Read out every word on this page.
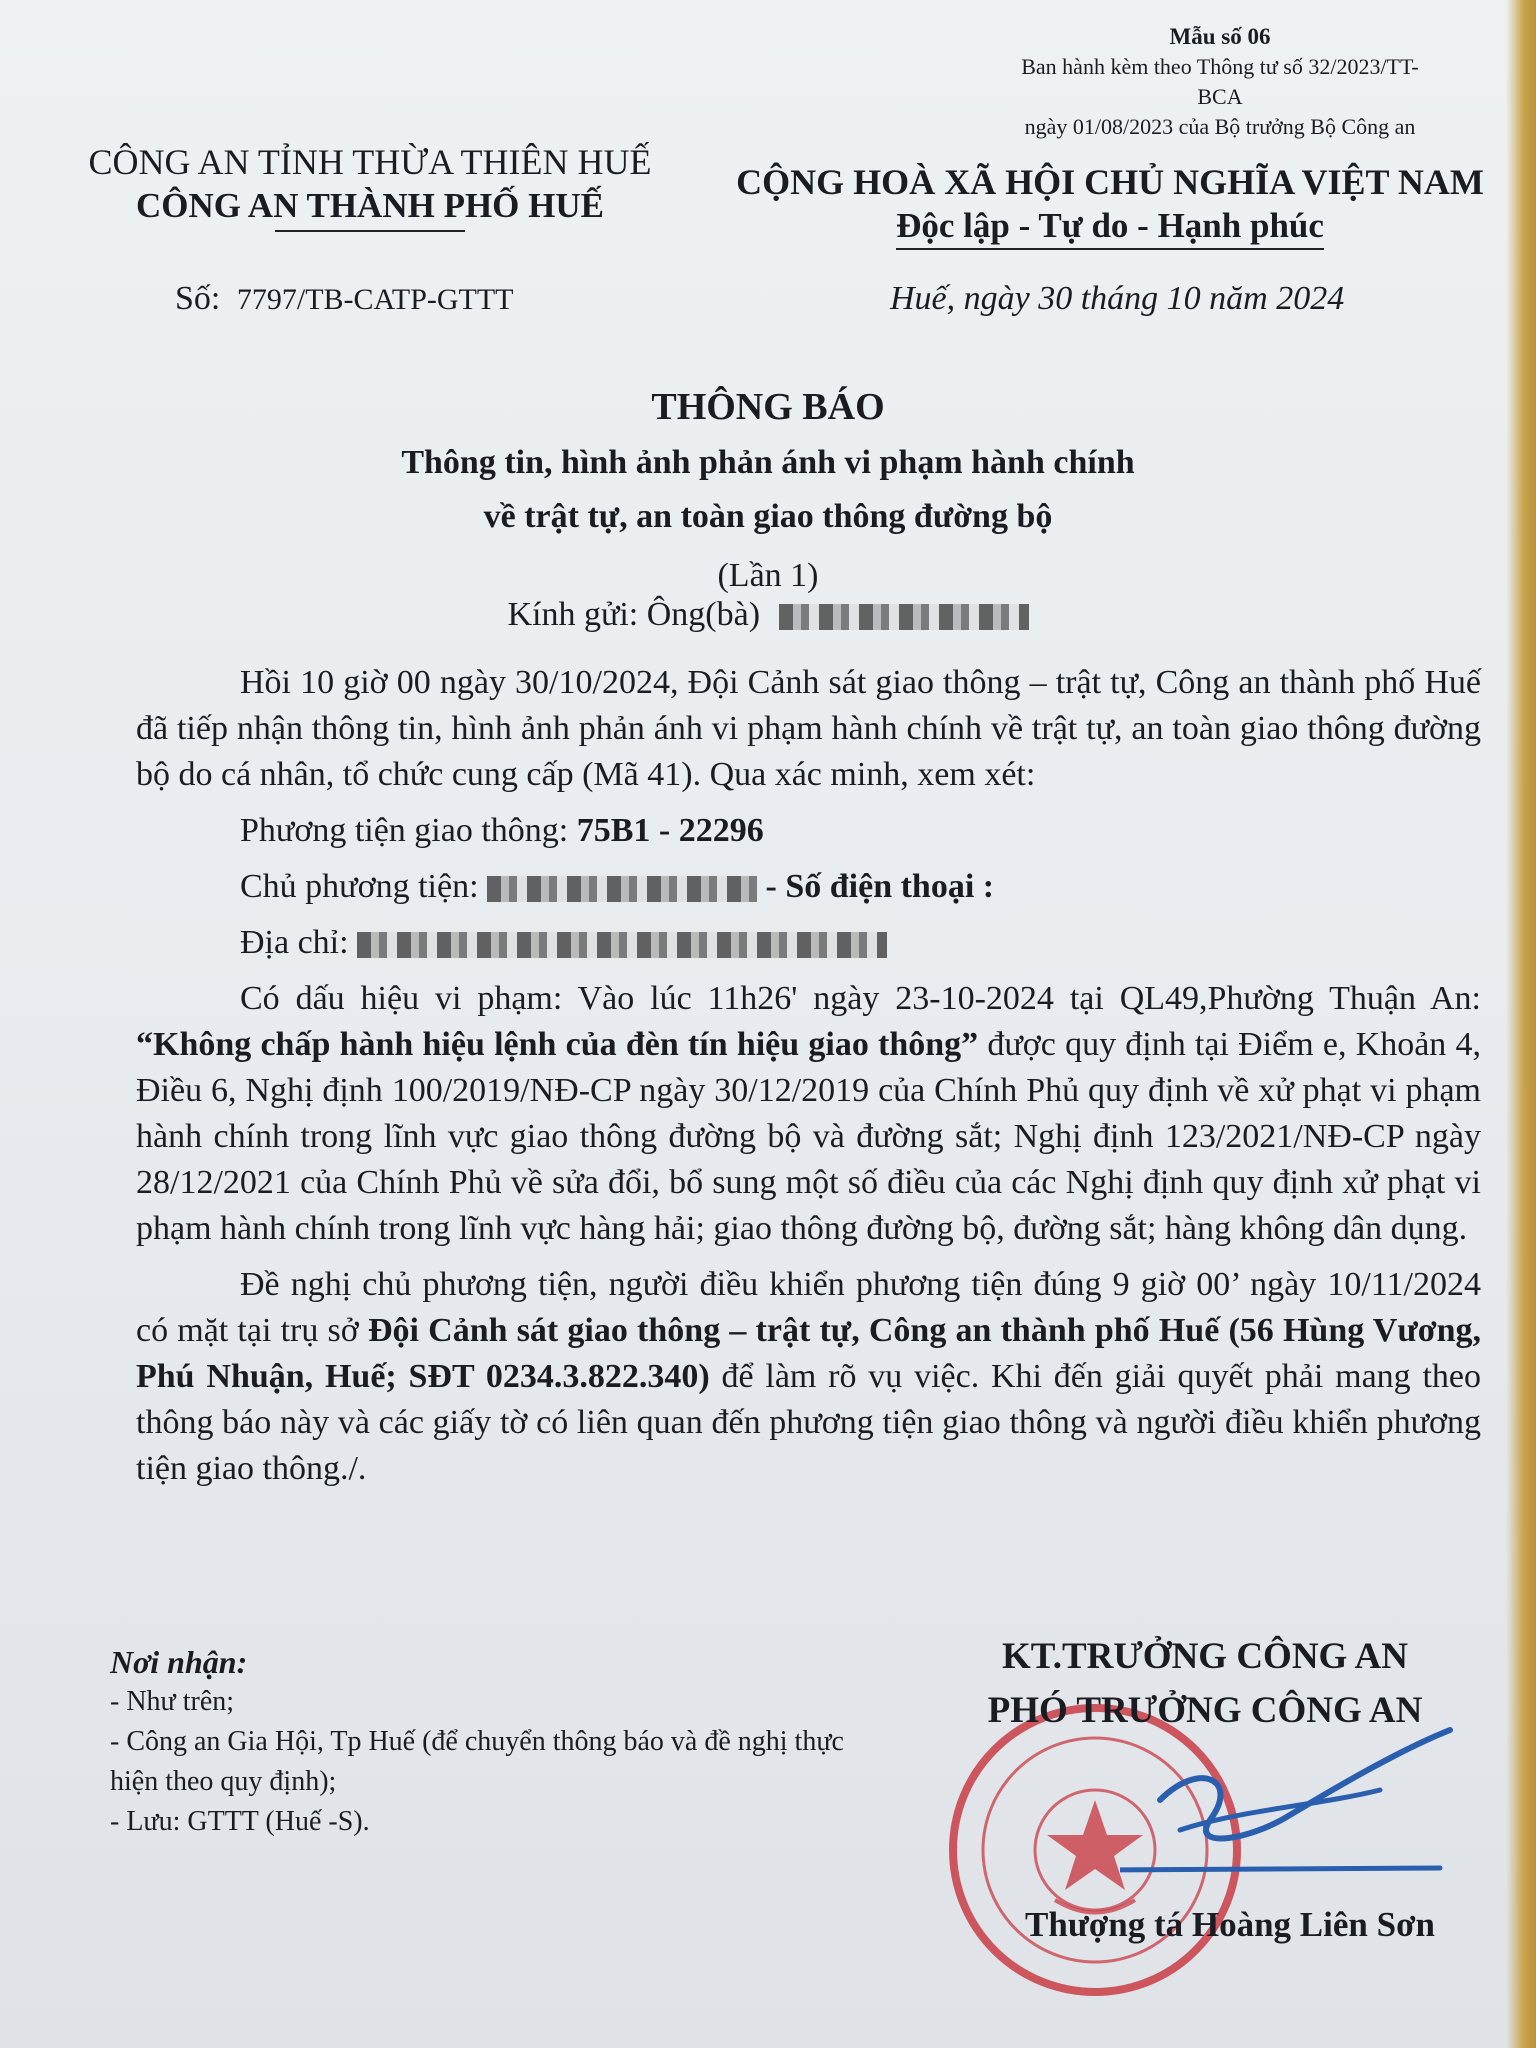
Mẫu số 06
Ban hành kèm theo Thông tư số 32/2023/TT-BCA
ngày 01/08/2023 của Bộ trưởng Bộ Công an
CÔNG AN TỈNH THỪA THIÊN HUẾ
CÔNG AN THÀNH PHỐ HUẾ
CỘNG HOÀ XÃ HỘI CHỦ NGHĨA VIỆT NAM
Độc lập - Tự do - Hạnh phúc
Số: 7797/TB-CATP-GTTT	Huế, ngày 30 tháng 10 năm 2024
THÔNG BÁO
Thông tin, hình ảnh phản ánh vi phạm hành chính
về trật tự, an toàn giao thông đường bộ
(Lần 1)
Kính gửi: Ông(bà)

Hồi 10 giờ 00 ngày 30/10/2024, Đội Cảnh sát giao thông – trật tự, Công an thành phố Huế đã tiếp nhận thông tin, hình ảnh phản ánh vi phạm hành chính về trật tự, an toàn giao thông đường bộ do cá nhân, tổ chức cung cấp (Mã 41). Qua xác minh, xem xét:

Phương tiện giao thông: 75B1 - 22296

Chủ phương tiện:	- Số điện thoại :

Địa chỉ:

Có dấu hiệu vi phạm: Vào lúc 11h26' ngày 23-10-2024 tại QL49,Phường Thuận An: “Không chấp hành hiệu lệnh của đèn tín hiệu giao thông” được quy định tại Điểm e, Khoản 4, Điều 6, Nghị định 100/2019/NĐ-CP ngày 30/12/2019 của Chính Phủ quy định về xử phạt vi phạm hành chính trong lĩnh vực giao thông đường bộ và đường sắt; Nghị định 123/2021/NĐ-CP ngày 28/12/2021 của Chính Phủ về sửa đổi, bổ sung một số điều của các Nghị định quy định xử phạt vi phạm hành chính trong lĩnh vực hàng hải; giao thông đường bộ, đường sắt; hàng không dân dụng.

Đề nghị chủ phương tiện, người điều khiển phương tiện đúng 9 giờ 00’ ngày 10/11/2024 có mặt tại trụ sở Đội Cảnh sát giao thông – trật tự, Công an thành phố Huế (56 Hùng Vương, Phú Nhuận, Huế; SĐT 0234.3.822.340) để làm rõ vụ việc. Khi đến giải quyết phải mang theo thông báo này và các giấy tờ có liên quan đến phương tiện giao thông và người điều khiển phương tiện giao thông./.

Nơi nhận:
- Như trên;
- Công an Gia Hội, Tp Huế (để chuyển thông báo và đề nghị thực hiện theo quy định);
- Lưu: GTTT (Huế -S).
KT.TRƯỞNG CÔNG AN
PHÓ TRƯỞNG CÔNG AN
Thượng tá Hoàng Liên Sơn
